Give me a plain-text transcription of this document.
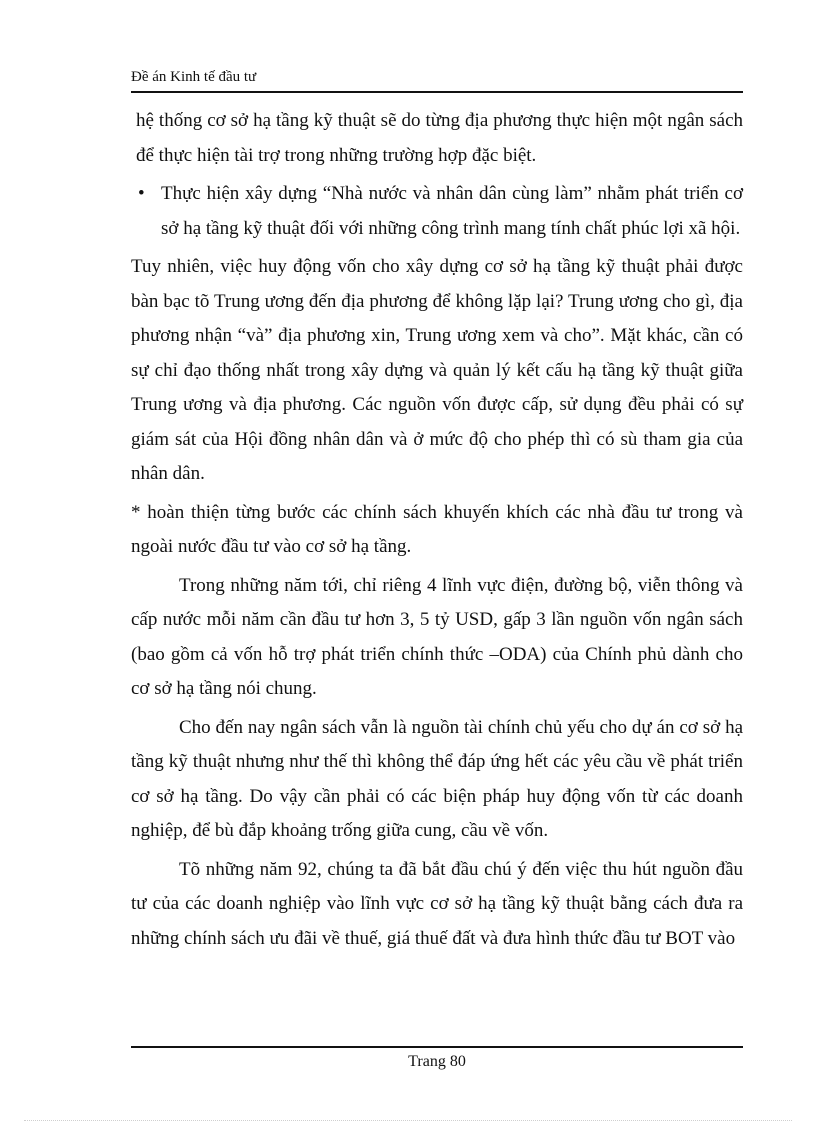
Đề án Kinh tế đầu tư

hệ thống cơ sở hạ tầng kỹ thuật sẽ do từng địa phương thực hiện một ngân sách để thực hiện tài trợ trong những trường hợp đặc biệt.

• Thực hiện xây dựng “Nhà nước và nhân dân cùng làm” nhằm phát triển cơ sở hạ tầng kỹ thuật đối với những công trình mang tính chất phúc lợi xã hội.

Tuy nhiên, việc huy động vốn cho xây dựng cơ sở hạ tầng kỹ thuật phải được bàn bạc tõ Trung ương đến địa phương để không lặp lại? Trung ương cho gì, địa phương nhận “và” địa phương xin, Trung ương xem và cho”. Mặt khác, cần có sự chỉ đạo thống nhất trong xây dựng và quản lý kết cấu hạ tầng kỹ thuật giữa Trung ương và địa phương. Các nguồn vốn được cấp, sử dụng đều phải có sự giám sát của Hội đồng nhân dân và ở mức độ cho phép thì có sù tham gia của nhân dân.

* hoàn thiện từng bước các chính sách khuyến khích các nhà đầu tư trong và ngoài nước đầu tư vào cơ sở hạ tầng.

Trong những năm tới, chỉ riêng 4 lĩnh vực điện, đường bộ, viễn thông và cấp nước mỗi năm cần đầu tư hơn 3, 5 tỷ USD, gấp 3 lần nguồn vốn ngân sách (bao gồm cả vốn hỗ trợ phát triển chính thức –ODA) của Chính phủ dành cho cơ sở hạ tầng nói chung.

Cho đến nay ngân sách vẫn là nguồn tài chính chủ yếu cho dự án cơ sở hạ tầng kỹ thuật nhưng như thế thì không thể đáp ứng hết các yêu cầu về phát triển cơ sở hạ tầng. Do vậy cần phải có các biện pháp huy động vốn từ các doanh nghiệp, để bù đắp khoảng trống giữa cung, cầu về vốn.

Tõ những năm 92, chúng ta đã bắt đầu chú ý đến việc thu hút nguồn đầu tư của các doanh nghiệp vào lĩnh vực cơ sở hạ tầng kỹ thuật bằng cách đưa ra những chính sách ưu đãi về thuế, giá thuế đất và đưa hình thức đầu tư BOT vào

Trang 80
